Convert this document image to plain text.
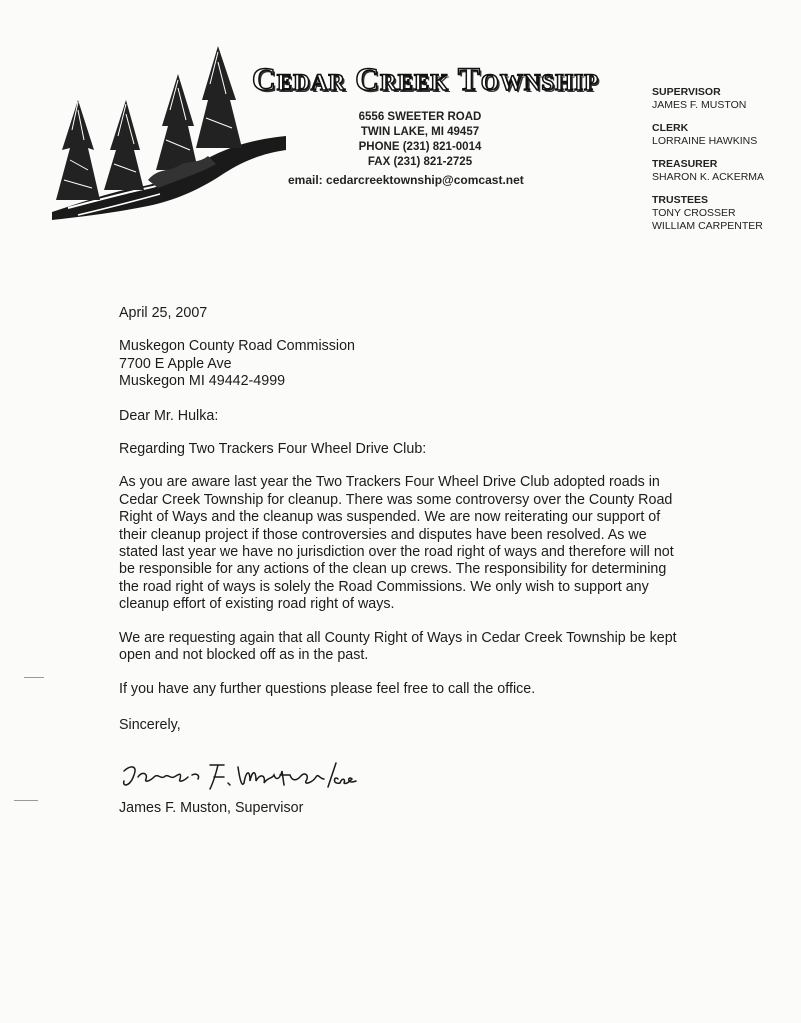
Cedar Creek Township
6556 SWEETER ROAD
TWIN LAKE, MI 49457
PHONE (231) 821-0014
FAX (231) 821-2725
email: cedarcreektownship@comcast.net
SUPERVISOR
JAMES F. MUSTON
CLERK
LORRAINE HAWKINS
TREASURER
SHARON K. ACKERMA
TRUSTEES
TONY CROSSER
WILLIAM CARPENTER

April 25, 2007

Muskegon County Road Commission
7700 E Apple Ave
Muskegon MI 49442-4999

Dear Mr. Hulka:

Regarding Two Trackers Four Wheel Drive Club:

As you are aware last year the Two Trackers Four Wheel Drive Club adopted roads in Cedar Creek Township for cleanup. There was some controversy over the County Road Right of Ways and the cleanup was suspended. We are now reiterating our support of their cleanup project if those controversies and disputes have been resolved. As we stated last year we have no jurisdiction over the road right of ways and therefore will not be responsible for any actions of the clean up crews. The responsibility for determining the road right of ways is solely the Road Commissions. We only wish to support any cleanup effort of existing road right of ways.

We are requesting again that all County Right of Ways in Cedar Creek Township be kept open and not blocked off as in the past.

If you have any further questions please feel free to call the office.

Sincerely,

James F. Muston, Supervisor
